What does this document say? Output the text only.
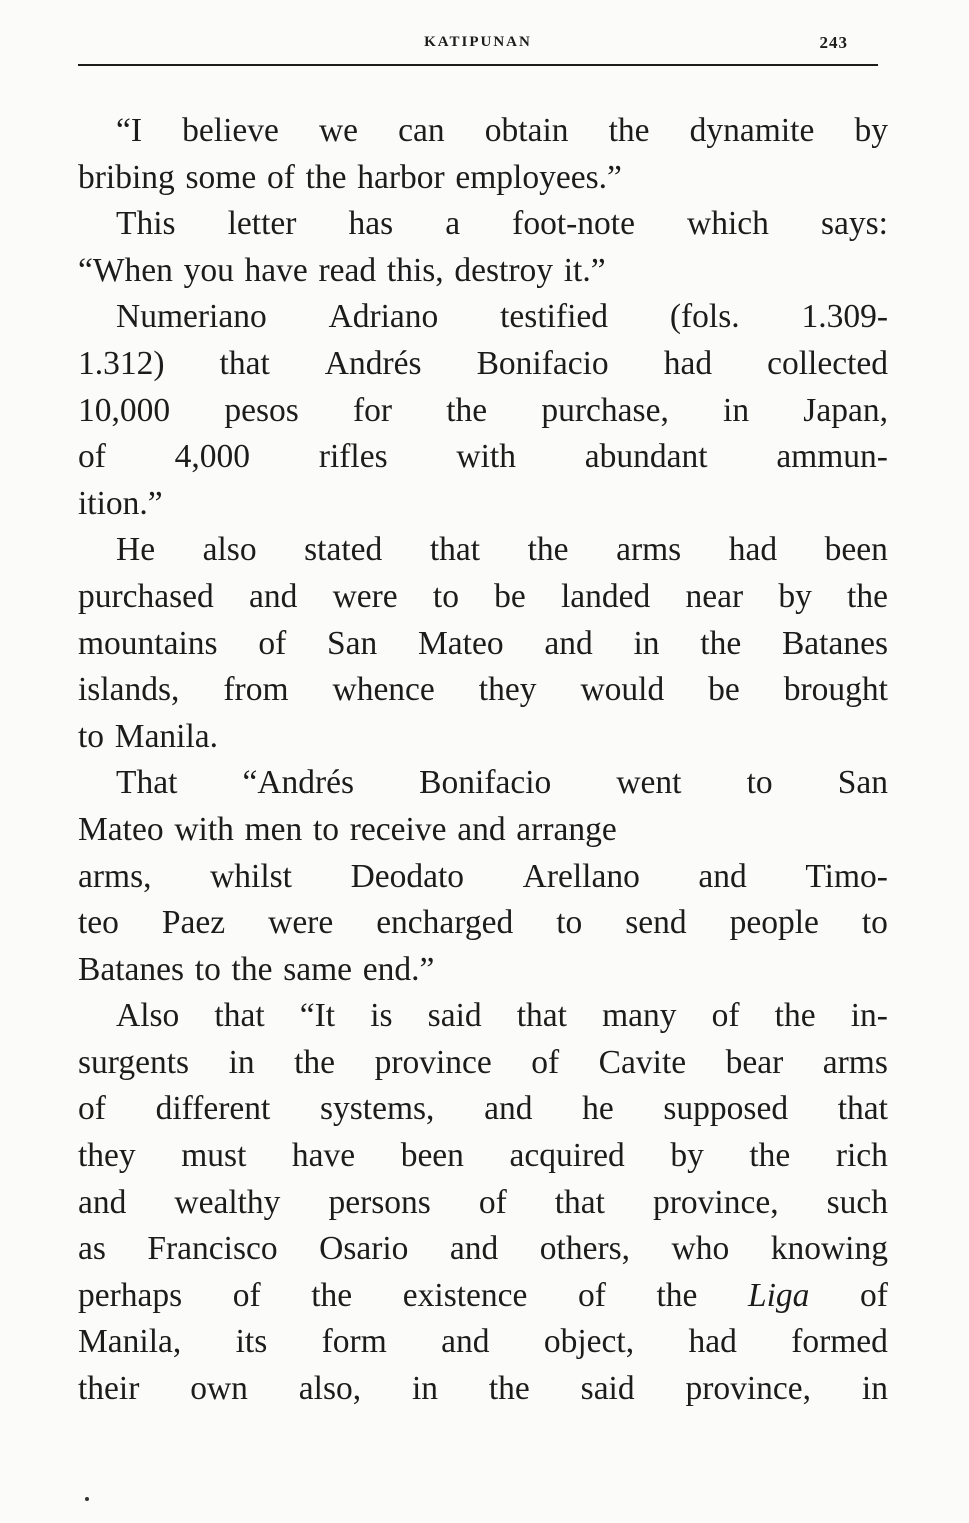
KATIPUNAN	243
“I believe we can obtain the dynamite by
bribing some of the harbor employees.”
This letter has a foot-note which says:
“When you have read this, destroy it.”
Numeriano Adriano testified (fols. 1.309-
1.312) that Andrés Bonifacio had collected
10,000 pesos for the purchase, in Japan,
of 4,000 rifles with abundant ammun-
ition.”
He also stated that the arms had been
purchased and were to be landed near by the
mountains of San Mateo and in the Batanes
islands, from whence they would be brought
to Manila.
That “Andrés Bonifacio went to San
Mateo with men to receive and arrange
arms, whilst Deodato Arellano and Timo-
teo Paez were encharged to send people to
Batanes to the same end.”
Also that “It is said that many of the in-
surgents in the province of Cavite bear arms
of different systems, and he supposed that
they must have been acquired by the rich
and wealthy persons of that province, such
as Francisco Osario and others, who knowing
perhaps of the existence of the Liga of
Manila, its form and object, had formed
their own also, in the said province, in
